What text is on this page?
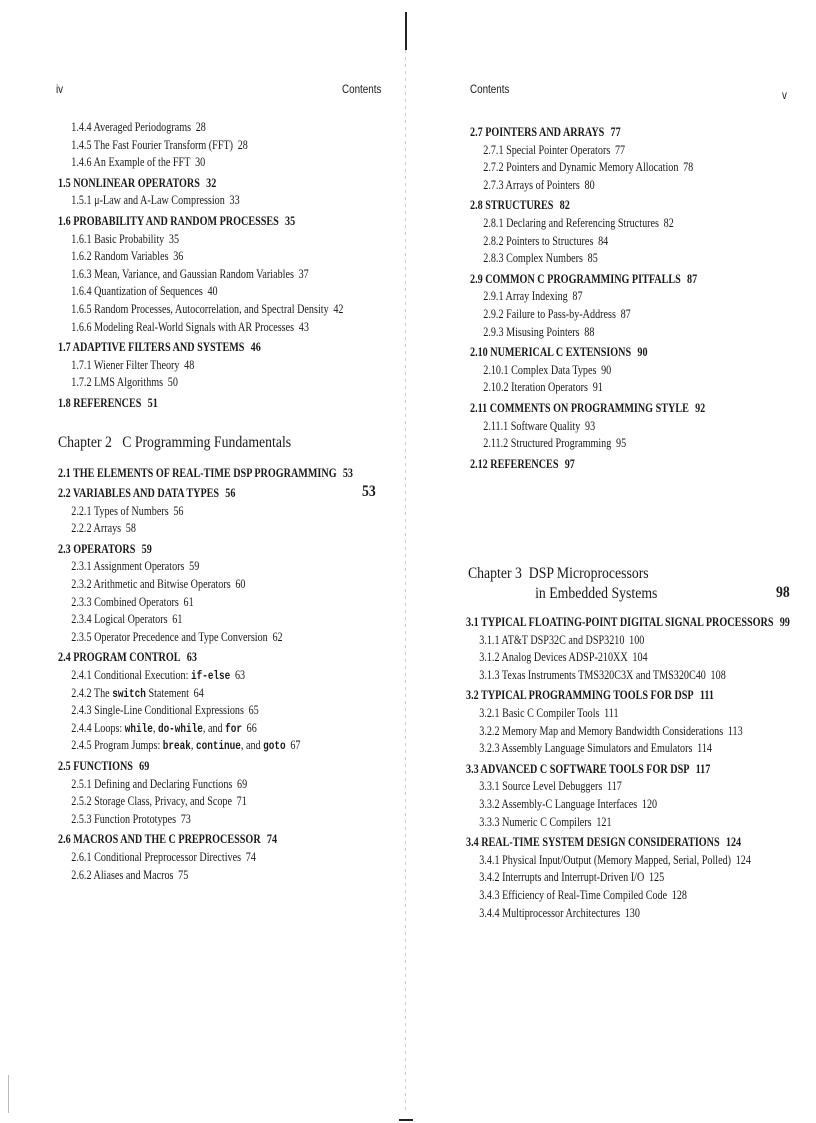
iv	Contents
1.4.4 Averaged Periodograms 28
1.4.5 The Fast Fourier Transform (FFT) 28
1.4.6 An Example of the FFT 30
1.5 NONLINEAR OPERATORS 32
1.5.1 μ-Law and A-Law Compression 33
1.6 PROBABILITY AND RANDOM PROCESSES 35
1.6.1 Basic Probability 35
1.6.2 Random Variables 36
1.6.3 Mean, Variance, and Gaussian Random Variables 37
1.6.4 Quantization of Sequences 40
1.6.5 Random Processes, Autocorrelation, and Spectral Density 42
1.6.6 Modeling Real-World Signals with AR Processes 43
1.7 ADAPTIVE FILTERS AND SYSTEMS 46
1.7.1 Wiener Filter Theory 48
1.7.2 LMS Algorithms 50
1.8 REFERENCES 51
Chapter 2 C Programming Fundamentals
2.1 THE ELEMENTS OF REAL-TIME DSP PROGRAMMING 53
2.2 VARIABLES AND DATA TYPES 56
2.2.1 Types of Numbers 56
2.2.2 Arrays 58
2.3 OPERATORS 59
2.3.1 Assignment Operators 59
2.3.2 Arithmetic and Bitwise Operators 60
2.3.3 Combined Operators 61
2.3.4 Logical Operators 61
2.3.5 Operator Precedence and Type Conversion 62
2.4 PROGRAM CONTROL 63
2.4.1 Conditional Execution: if-else 63
2.4.2 The switch Statement 64
2.4.3 Single-Line Conditional Expressions 65
2.4.4 Loops: while, do-while, and for 66
2.4.5 Program Jumps: break, continue, and goto 67
2.5 FUNCTIONS 69
2.5.1 Defining and Declaring Functions 69
2.5.2 Storage Class, Privacy, and Scope 71
2.5.3 Function Prototypes 73
2.6 MACROS AND THE C PREPROCESSOR 74
2.6.1 Conditional Preprocessor Directives 74
2.6.2 Aliases and Macros 75
53
Contents	v
2.7 POINTERS AND ARRAYS 77
2.7.1 Special Pointer Operators 77
2.7.2 Pointers and Dynamic Memory Allocation 78
2.7.3 Arrays of Pointers 80
2.8 STRUCTURES 82
2.8.1 Declaring and Referencing Structures 82
2.8.2 Pointers to Structures 84
2.8.3 Complex Numbers 85
2.9 COMMON C PROGRAMMING PITFALLS 87
2.9.1 Array Indexing 87
2.9.2 Failure to Pass-by-Address 87
2.9.3 Misusing Pointers 88
2.10 NUMERICAL C EXTENSIONS 90
2.10.1 Complex Data Types 90
2.10.2 Iteration Operators 91
2.11 COMMENTS ON PROGRAMMING STYLE 92
2.11.1 Software Quality 93
2.11.2 Structured Programming 95
2.12 REFERENCES 97
3.1 TYPICAL FLOATING-POINT DIGITAL SIGNAL PROCESSORS 99
3.1.1 AT&T DSP32C and DSP3210 100
3.1.2 Analog Devices ADSP-210XX 104
3.1.3 Texas Instruments TMS320C3X and TMS320C40 108
3.2 TYPICAL PROGRAMMING TOOLS FOR DSP 111
3.2.1 Basic C Compiler Tools 111
3.2.2 Memory Map and Memory Bandwidth Considerations 113
3.2.3 Assembly Language Simulators and Emulators 114
3.3 ADVANCED C SOFTWARE TOOLS FOR DSP 117
3.3.1 Source Level Debuggers 117
3.3.2 Assembly-C Language Interfaces 120
3.3.3 Numeric C Compilers 121
3.4 REAL-TIME SYSTEM DESIGN CONSIDERATIONS 124
3.4.1 Physical Input/Output (Memory Mapped, Serial, Polled) 124
3.4.2 Interrupts and Interrupt-Driven I/O 125
3.4.3 Efficiency of Real-Time Compiled Code 128
3.4.4 Multiprocessor Architectures 130
Chapter 3 DSP Microprocessors
in Embedded Systems	98
